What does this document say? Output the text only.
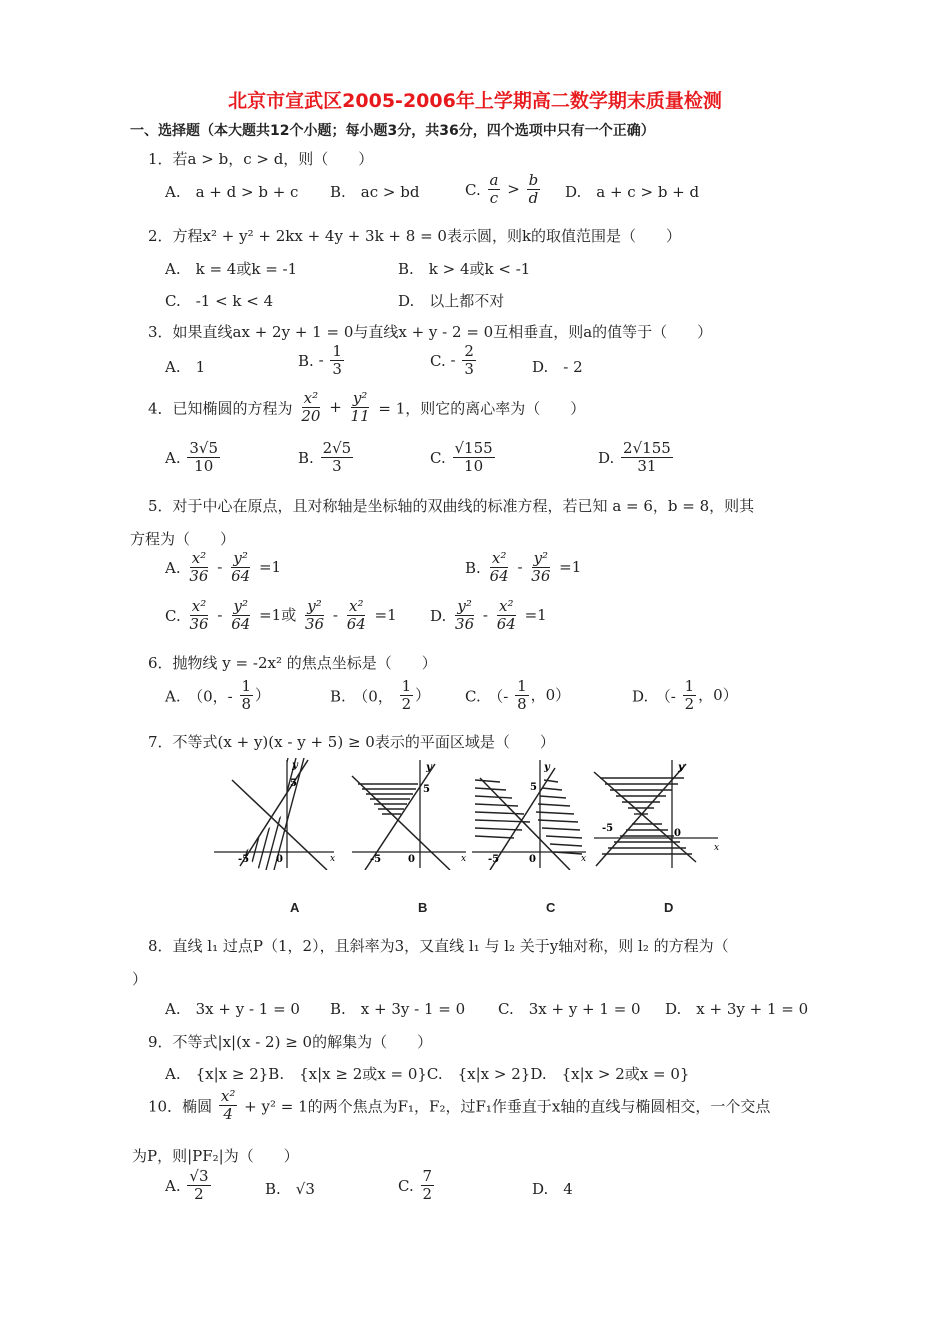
北京市宣武区2005-2006年上学期高二数学期末质量检测
一、选择题（本大题共12个小题；每小题3分，共36分，四个选项中只有一个正确）
1．若a > b，c > d，则（　　）
A.　a + d > b + c B.　ac > bd	C. $\frac{a}{c} > \frac{b}{d} D$.　a + c > b + d
2．方程x² + y² + 2kx + 4y + 3k + 8 = 0表示圆，则k的取值范围是（　　）
A.　k = 4或k = -1	B.　k > 4或k < -1
C.　-1 < k < 4	D.　以上都不对
3．如果直线ax + 2y + 1 = 0与直线x + y - 2 = 0互相垂直，则a的值等于（　　）
A.　1	B. - $\frac{1}{3}$	C. - $\frac{2}{3}$	D.　- 2
4．已知椭圆的方程为 $\frac{\text{x²}}{20} + \frac{\text{y²}}{11} = 1$，则它的离心率为（　　）
A. $\frac{3√5}{10}$	B. $\frac{2√5}{3}$	C. $\frac{√155}{10}$	D. $\frac{2√155}{31}$
5．对于中心在原点，且对称轴是坐标轴的双曲线的标准方程，若已知 a = 6，b = 8，则其
方程为（　　）
A. $\frac{\text{x²}}{36} - \frac{\text{y²}}{64} =1$	B. $\frac{\text{x²}}{64} - \frac{\text{y²}}{36} =1$
C. $\frac{\text{x²}}{36} - \frac{\text{y²}}{64} =1$或 $\frac{\text{y²}}{36} - \frac{\text{x²}}{64} =1$ D. $\frac{\text{y²}}{36} - \frac{\text{x²}}{64} =1$
6．抛物线 y = -2x² 的焦点坐标是（　　）
A.　（0，- $\frac{1}{8}$ ）	B.　（0， $\frac{1}{2}$ ） C.　（- $\frac{1}{8}$ ，0）	D.　（- $\frac{1}{2}$ ，0）
7．不等式(x + y)(x - y + 5) ≥ 0表示的平面区域是（　　）
-5	0
5
y
x
A
-5	0
5
y
x
B
-5	0
5
y
x
C
-5	0
y
x
D
8．直线 l₁ 过点P（1，2），且斜率为3，又直线 l₁ 与 l₂ 关于y轴对称，则 l₂ 的方程为（
）
A.　3x + y - 1 = 0 B.　x + 3y - 1 = 0 C.　3x + y + 1 = 0 D.　x + 3y + 1 = 0
9．不等式|x|(x - 2) ≥ 0的解集为（　　）
A.　{x|x ≥ 2}B.　{x|x ≥ 2或x = 0}C.　{x|x > 2}D.　{x|x > 2或x = 0}
10．椭圆 $\frac{\text{x²}}{4} + y^2 = 1$的两个焦点为F₁，F₂，过F₁作垂直于x轴的直线与椭圆相交，一个交点
为P，则|PF₂|为（　　）
A. $\frac{√3}{2}$	B.　√3	C. $\frac{7}{2}$	D.　4
